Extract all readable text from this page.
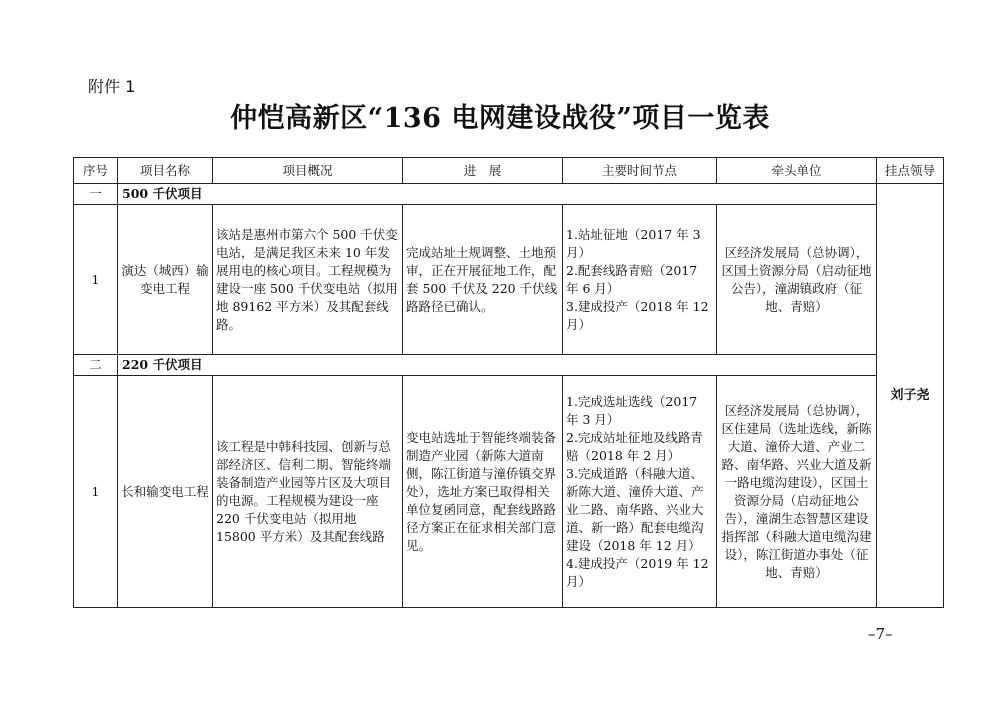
附件 1
仲恺高新区“136 电网建设战役”项目一览表
序号	项目名称	项目概况	进　展	主要时间节点	牵头单位	挂点领导
一	500 千伏项目					刘子尧
1	演达（城西）输变电工程	该站是惠州市第六个 500 千伏变电站，是满足我区未来 10 年发展用电的核心项目。工程规模为建设一座 500 千伏变电站（拟用地 89162 平方米）及其配套线路。	完成站址土规调整、土地预审，正在开展征地工作，配套 500 千伏及 220 千伏线路路径已确认。	1.站址征地（2017 年 3 月）
2.配套线路青赔（2017 年 6 月）
3.建成投产（2018 年 12 月）	区经济发展局（总协调），区国土资源分局（启动征地公告），潼湖镇政府（征地、青赔）	
二	220 千伏项目					
1	长和输变电工程	该工程是中韩科技园、创新与总部经济区、信利二期、智能终端装备制造产业园等片区及大项目的电源。工程规模为建设一座 220 千伏变电站（拟用地 15800 平方米）及其配套线路	变电站选址于智能终端装备制造产业园（新陈大道南侧，陈江街道与潼侨镇交界处），选址方案已取得相关单位复函同意，配套线路路径方案正在征求相关部门意见。	1.完成选址选线（2017 年 3 月）
2.完成站址征地及线路青赔（2018 年 2 月）
3.完成道路（科融大道、新陈大道、潼侨大道、产业二路、南华路、兴业大道、新一路）配套电缆沟建设（2018 年 12 月）
4.建成投产（2019 年 12 月）	区经济发展局（总协调），区住建局（选址选线，新陈大道、潼侨大道、产业二路、南华路、兴业大道及新一路电缆沟建设），区国土资源分局（启动征地公告），潼湖生态智慧区建设指挥部（科融大道电缆沟建设），陈江街道办事处（征地、青赔）	
–7–
